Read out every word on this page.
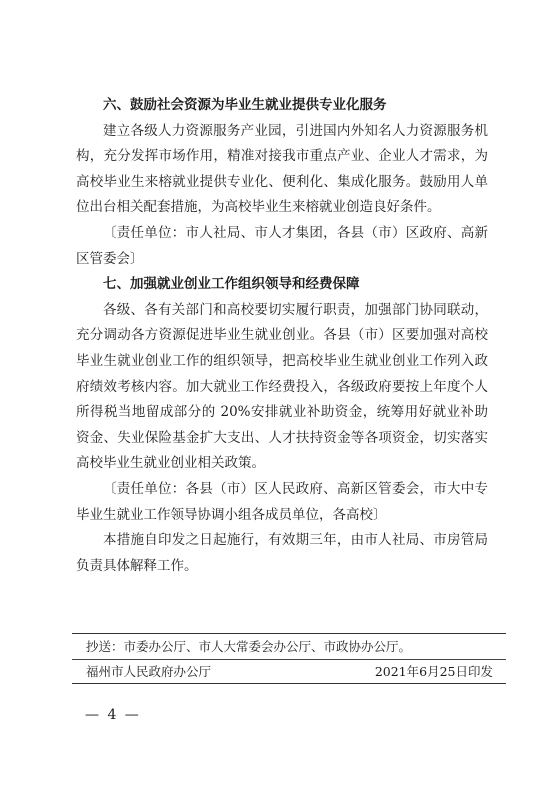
六、鼓励社会资源为毕业生就业提供专业化服务

建立各级人力资源服务产业园，引进国内外知名人力资源服务机构，充分发挥市场作用，精准对接我市重点产业、企业人才需求，为高校毕业生来榕就业提供专业化、便利化、集成化服务。鼓励用人单位出台相关配套措施，为高校毕业生来榕就业创造良好条件。

〔责任单位：市人社局、市人才集团，各县（市）区政府、高新区管委会〕

七、加强就业创业工作组织领导和经费保障

各级、各有关部门和高校要切实履行职责，加强部门协同联动，充分调动各方资源促进毕业生就业创业。各县（市）区要加强对高校毕业生就业创业工作的组织领导，把高校毕业生就业创业工作列入政府绩效考核内容。加大就业工作经费投入，各级政府要按上年度个人所得税当地留成部分的 20%安排就业补助资金，统筹用好就业补助资金、失业保险基金扩大支出、人才扶持资金等各项资金，切实落实高校毕业生就业创业相关政策。

〔责任单位：各县（市）区人民政府、高新区管委会，市大中专毕业生就业工作领导协调小组各成员单位，各高校〕

本措施自印发之日起施行，有效期三年，由市人社局、市房管局负责具体解释工作。

抄送：市委办公厅、市人大常委会办公厅、市政协办公厅。
福州市人民政府办公厅	2021年6月25日印发
— 4 —
